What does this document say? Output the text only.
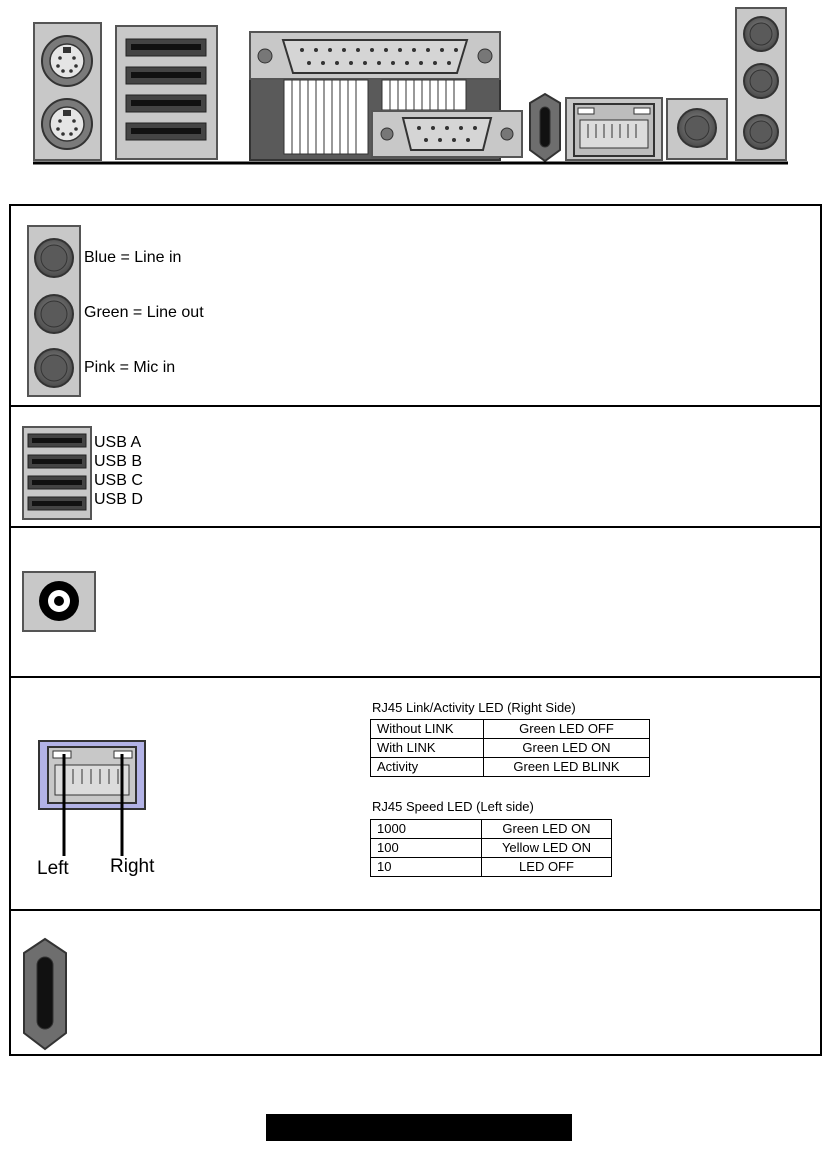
Blue = Line in
Green = Line out
Pink = Mic in
USB A
USB B
USB C
USB D
Left Right
RJ45 Link/Activity LED (Right Side)
Without LINK	Green LED OFF
With LINK	Green LED ON
Activity	Green LED BLINK
RJ45 Speed LED (Left side)
1000	Green LED ON
100	Yellow LED ON
10	LED OFF
